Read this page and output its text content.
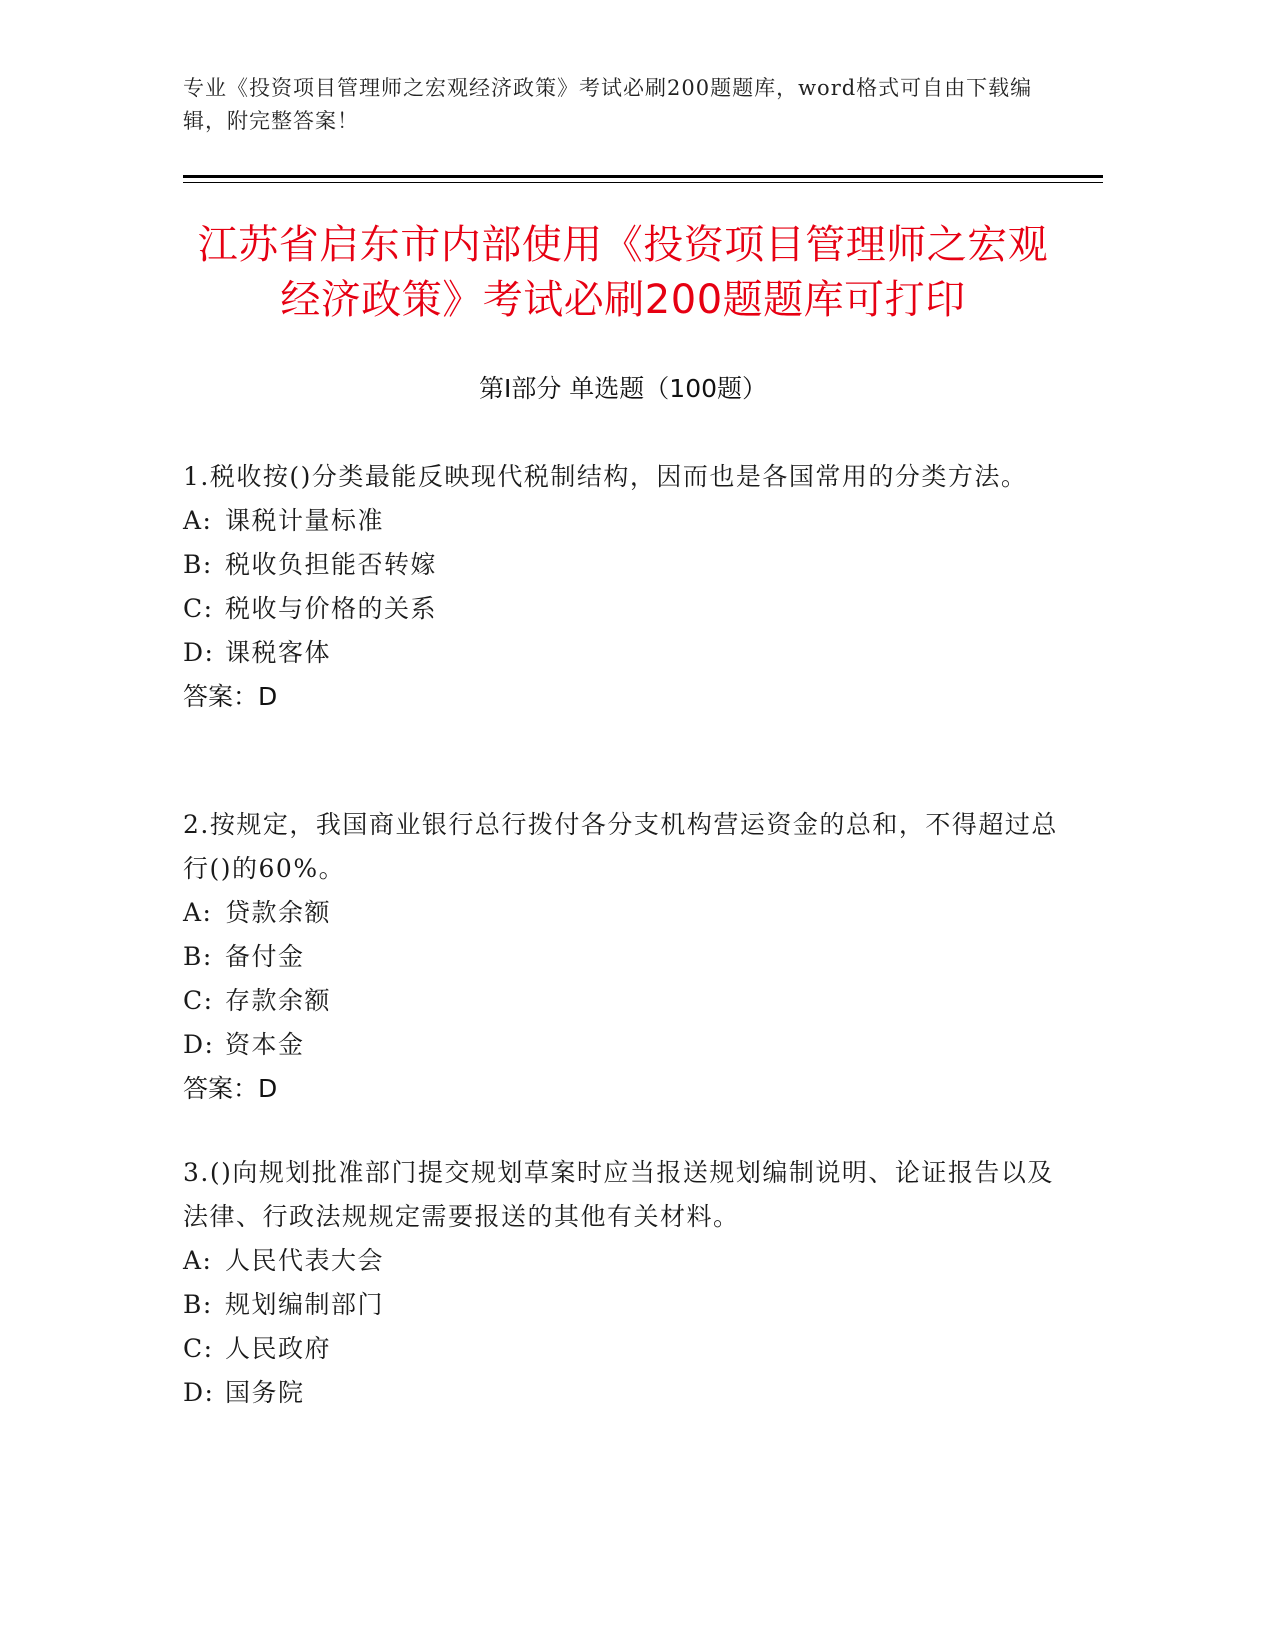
专业《投资项目管理师之宏观经济政策》考试必刷200题题库，word格式可自由下载编辑，附完整答案！
江苏省启东市内部使用《投资项目管理师之宏观经济政策》考试必刷200题题库可打印
第Ⅰ部分 单选题（100题）

1.税收按()分类最能反映现代税制结构，因而也是各国常用的分类方法。

A: 课税计量标准

B: 税收负担能否转嫁

C: 税收与价格的关系

D: 课税客体

答案：D

2.按规定，我国商业银行总行拨付各分支机构营运资金的总和，不得超过总行()的60%。

A: 贷款余额

B: 备付金

C: 存款余额

D: 资本金

答案：D

3.()向规划批准部门提交规划草案时应当报送规划编制说明、论证报告以及法律、行政法规规定需要报送的其他有关材料。

A: 人民代表大会

B: 规划编制部门

C: 人民政府

D: 国务院
